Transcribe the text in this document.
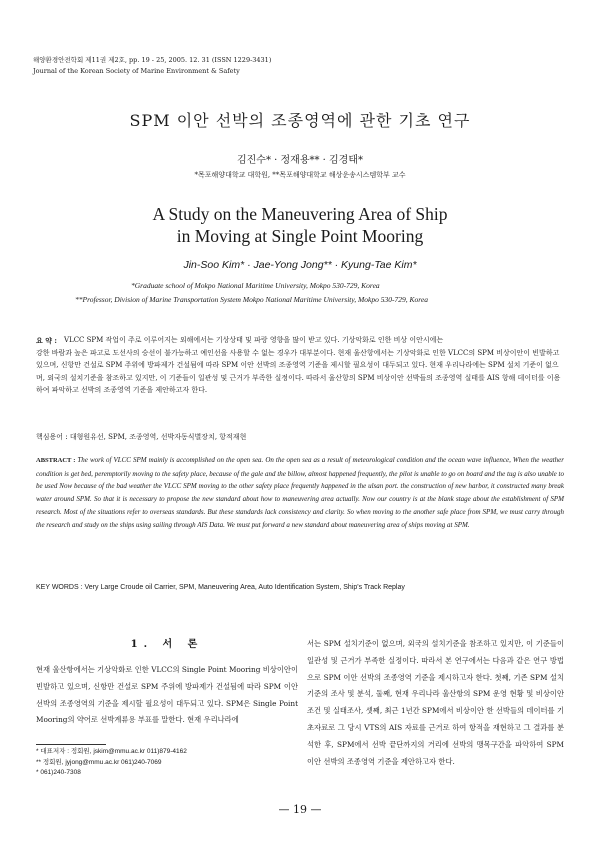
해양환경안전학회 제11권 제2호, pp. 19 - 25, 2005. 12. 31 (ISSN 1229-3431)
Journal of the Korean Society of Marine Environment & Safety
SPM 이안 선박의 조종영역에 관한 기초 연구
김진수* · 정재용** · 김경태*
*목포해양대학교 대학원, **목포해양대학교 해상운송시스템학부 교수
A Study on the Maneuvering Area of Ship
in Moving at Single Point Mooring
Jin-Soo Kim* · Jae-Yong Jong** · Kyung-Tae Kim*
*Graduate school of Mokpo National Maritime University, Mokpo 530-729, Korea
**Professor, Division of Marine Transportation System Mokpo National Maritime University, Mokpo 530-729, Korea
요 약 : VLCC SPM 작업이 주로 이루어지는 외해에서는 기상상태 및 파랑 영향을 많이 받고 있다. 기상악화로 인한 비상 이안시에는
강한 바람과 높은 파고로 도선사의 승선이 불가능하고 예인선을 사용할 수 없는 경우가 대부분이다. 현재 울산항에서는 기상악화로 인한 VLCC의 SPM 비상이안이 빈발하고 있으며, 신항만 건설로 SPM 주위에 방파제가 건설됨에 따라 SPM 이안 선박의 조종영역 기준을 제시할 필요성이 대두되고 있다. 현재 우리나라에는 SPM 설치 기준이 없으며, 외국의 설치기준을 참조하고 있지만, 이 기준들이 일관성 및 근거가 부족한 실정이다. 따라서 울산항의 SPM 비상이안 선박들의 조종영역 실태를 AIS 항해 데이터를 이용하여 파악하고 선박의 조종영역 기준을 제안하고자 한다.
핵심용어 : 대형원유선, SPM, 조종영역, 선박자동식별장치, 항적재현
ABSTRACT : The work of VLCC SPM mainly is accomplished on the open sea. On the open sea as a result of meteorological condition and the ocean wave influence, When the weather condition is get bed, peremptorily moving to the safety place, because of the gale and the billow, almost happened frequently, the pilot is unable to go on board and the tug is also unable to be used Now because of the bad weather the VLCC SPM moving to the other safety place frequently happened in the ulsan port. the construction of new harbor, it constructed many break water around SPM. So that it is necessary to propose the new standard about how to maneuvering area actually. Now our country is at the blank stage about the establishment of SPM research. Most of the situations refer to overseas standards. But these standards lack consistency and clarity. So when moving to the another safe place from SPM, we must carry through the research and study on the ships using sailing through AIS Data. We must put forward a new standard about maneuvering area of ships moving at SPM.
KEY WORDS : Very Large Croude oil Carrier, SPM, Maneuvering Area, Auto Identification System, Ship's Track Replay
1. 서 론
현재 울산항에서는 기상악화로 인한 VLCC의 Single Point Mooring 비상이안이 빈발하고 있으며, 신항만 건설로 SPM 주위에 방파제가 건설됨에 따라 SPM 이안 선박의 조종영역의 기준을 제시할 필요성이 대두되고 있다. SPM은 Single Point Mooring의 약어로 선박계류용 부표를 말한다. 현재 우리나라에
서는 SPM 설치기준이 없으며, 외국의 설치기준을 참조하고 있지만, 이 기준들이 일관성 및 근거가 부족한 실정이다. 따라서 본 연구에서는 다음과 같은 연구 방법으로 SPM 이안 선박의 조종영역 기준을 제시하고자 한다. 첫째, 기존 SPM 설치기준의 조사 및 분석, 둘째, 현재 우리나라 울산항의 SPM 운영 현황 및 비상이안 조건 및 실태조사, 셋째, 최근 1년간 SPM에서 비상이안 한 선박들의 데이터를 기초자료로 그 당시 VTS의 AIS 자료를 근거로 하여 항적을 재현하고 그 결과를 분석한 후, SPM에서 선박 끝단까지의 거리에 선박의 맹목구간을 파악하여 SPM 이안 선박의 조종영역 기준을 제안하고자 한다.
* 대표저자 : 정회원, jskim@mmu.ac.kr 011)879-4162
** 정회원, jyjong@mmu.ac.kr 061)240-7069
* 061)240-7308
— 19 —
